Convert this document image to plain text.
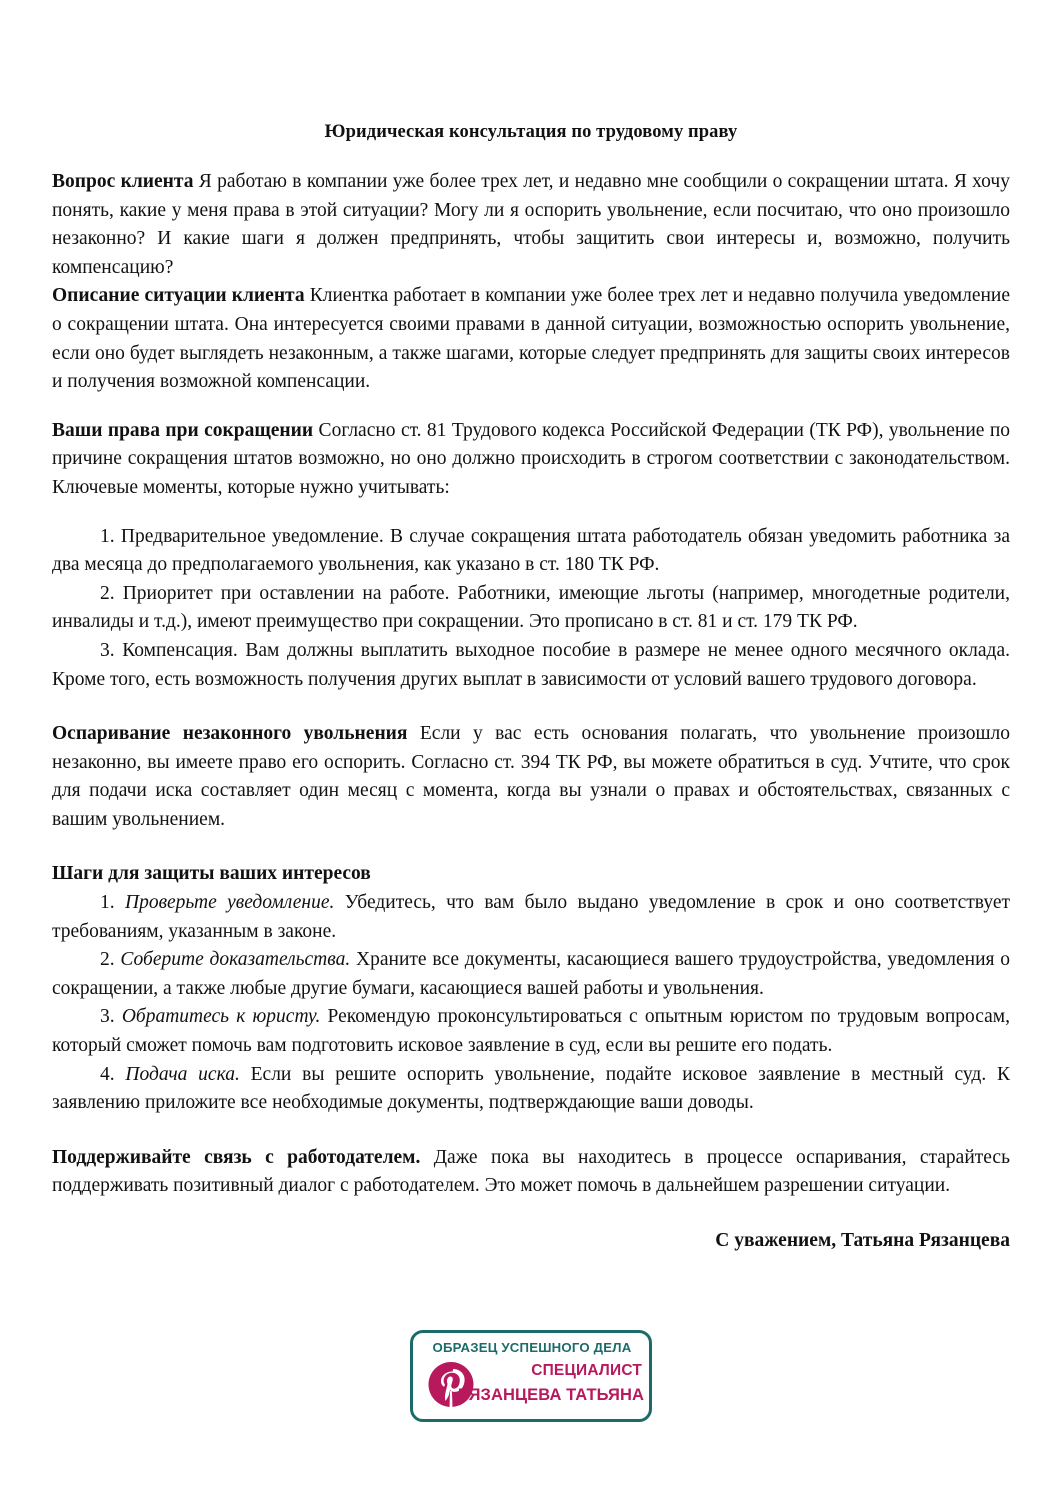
Юридическая консультация по трудовому праву

Вопрос клиента Я работаю в компании уже более трех лет, и недавно мне сообщили о сокращении штата. Я хочу понять, какие у меня права в этой ситуации? Могу ли я оспорить увольнение, если посчитаю, что оно произошло незаконно? И какие шаги я должен предпринять, чтобы защитить свои интересы и, возможно, получить компенсацию?

Описание ситуации клиента Клиентка работает в компании уже более трех лет и недавно получила уведомление о сокращении штата. Она интересуется своими правами в данной ситуации, возможностью оспорить увольнение, если оно будет выглядеть незаконным, а также шагами, которые следует предпринять для защиты своих интересов и получения возможной компенсации.

Ваши права при сокращении Согласно ст. 81 Трудового кодекса Российской Федерации (ТК РФ), увольнение по причине сокращения штатов возможно, но оно должно происходить в строгом соответствии с законодательством. Ключевые моменты, которые нужно учитывать:

1. Предварительное уведомление. В случае сокращения штата работодатель обязан уведомить работника за два месяца до предполагаемого увольнения, как указано в ст. 180 ТК РФ.

2. Приоритет при оставлении на работе. Работники, имеющие льготы (например, многодетные родители, инвалиды и т.д.), имеют преимущество при сокращении. Это прописано в ст. 81 и ст. 179 ТК РФ.

3. Компенсация. Вам должны выплатить выходное пособие в размере не менее одного месячного оклада. Кроме того, есть возможность получения других выплат в зависимости от условий вашего трудового договора.

Оспаривание незаконного увольнения Если у вас есть основания полагать, что увольнение произошло незаконно, вы имеете право его оспорить. Согласно ст. 394 ТК РФ, вы можете обратиться в суд. Учтите, что срок для подачи иска составляет один месяц с момента, когда вы узнали о правах и обстоятельствах, связанных с вашим увольнением.

Шаги для защиты ваших интересов

1. Проверьте уведомление. Убедитесь, что вам было выдано уведомление в срок и оно соответствует требованиям, указанным в законе.

2. Соберите доказательства. Храните все документы, касающиеся вашего трудоустройства, уведомления о сокращении, а также любые другие бумаги, касающиеся вашей работы и увольнения.

3. Обратитесь к юристу. Рекомендую проконсультироваться с опытным юристом по трудовым вопросам, который сможет помочь вам подготовить исковое заявление в суд, если вы решите его подать.

4. Подача иска. Если вы решите оспорить увольнение, подайте исковое заявление в местный суд. К заявлению приложите все необходимые документы, подтверждающие ваши доводы.

Поддерживайте связь с работодателем. Даже пока вы находитесь в процессе оспаривания, старайтесь поддерживать позитивный диалог с работодателем. Это может помочь в дальнейшем разрешении ситуации.

С уважением, Татьяна Рязанцева

ОБРАЗЕЦ УСПЕШНОГО ДЕЛА
СПЕЦИАЛИСТ
РЯЗАНЦЕВА ТАТЬЯНА
